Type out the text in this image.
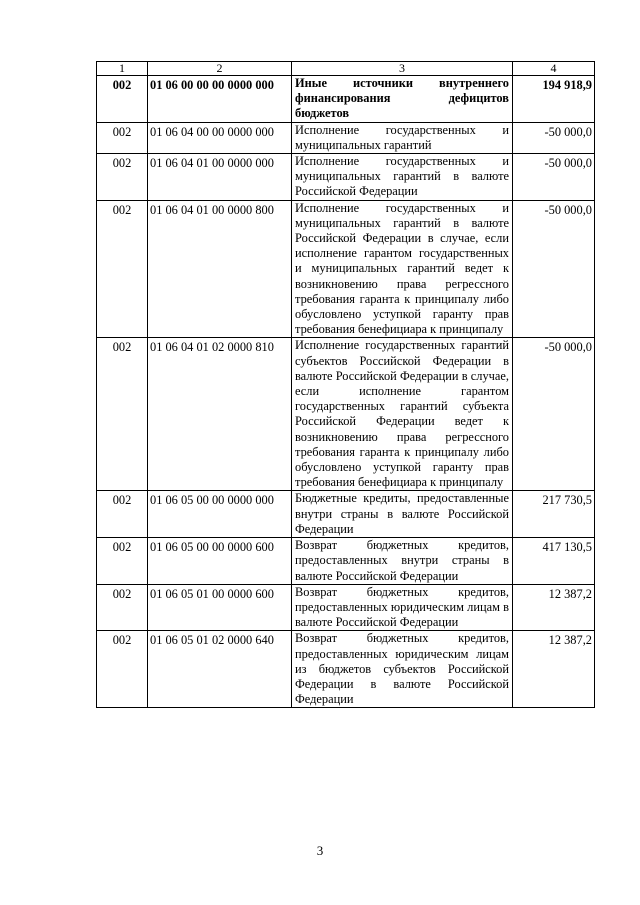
1	2	3	4
002	01 06 00 00 00 0000 000	Иные источники внутреннего финансирования дефицитов бюджетов	194 918,9
002	01 06 04 00 00 0000 000	Исполнение государственных и муниципальных гарантий	-50 000,0
002	01 06 04 01 00 0000 000	Исполнение государственных и муниципальных гарантий в валюте Российской Федерации	-50 000,0
002	01 06 04 01 00 0000 800	Исполнение государственных и муниципальных гарантий в валюте Российской Федерации в случае, если исполнение гарантом государственных и муниципальных гарантий ведет к возникновению права регрессного требования гаранта к принципалу либо обусловлено уступкой гаранту прав требования бенефициара к принципалу	-50 000,0
002	01 06 04 01 02 0000 810	Исполнение государственных гарантий субъектов Российской Федерации в валюте Российской Федерации в случае, если исполнение гарантом государственных гарантий субъекта Российской Федерации ведет к возникновению права регрессного требования гаранта к принципалу либо обусловлено уступкой гаранту прав требования бенефициара к принципалу	-50 000,0
002	01 06 05 00 00 0000 000	Бюджетные кредиты, предоставленные внутри страны в валюте Российской Федерации	217 730,5
002	01 06 05 00 00 0000 600	Возврат бюджетных кредитов, предоставленных внутри страны в валюте Российской Федерации	417 130,5
002	01 06 05 01 00 0000 600	Возврат бюджетных кредитов, предоставленных юридическим лицам в валюте Российской Федерации	12 387,2
002	01 06 05 01 02 0000 640	Возврат бюджетных кредитов, предоставленных юридическим лицам из бюджетов субъектов Российской Федерации в валюте Российской Федерации	12 387,2
3
